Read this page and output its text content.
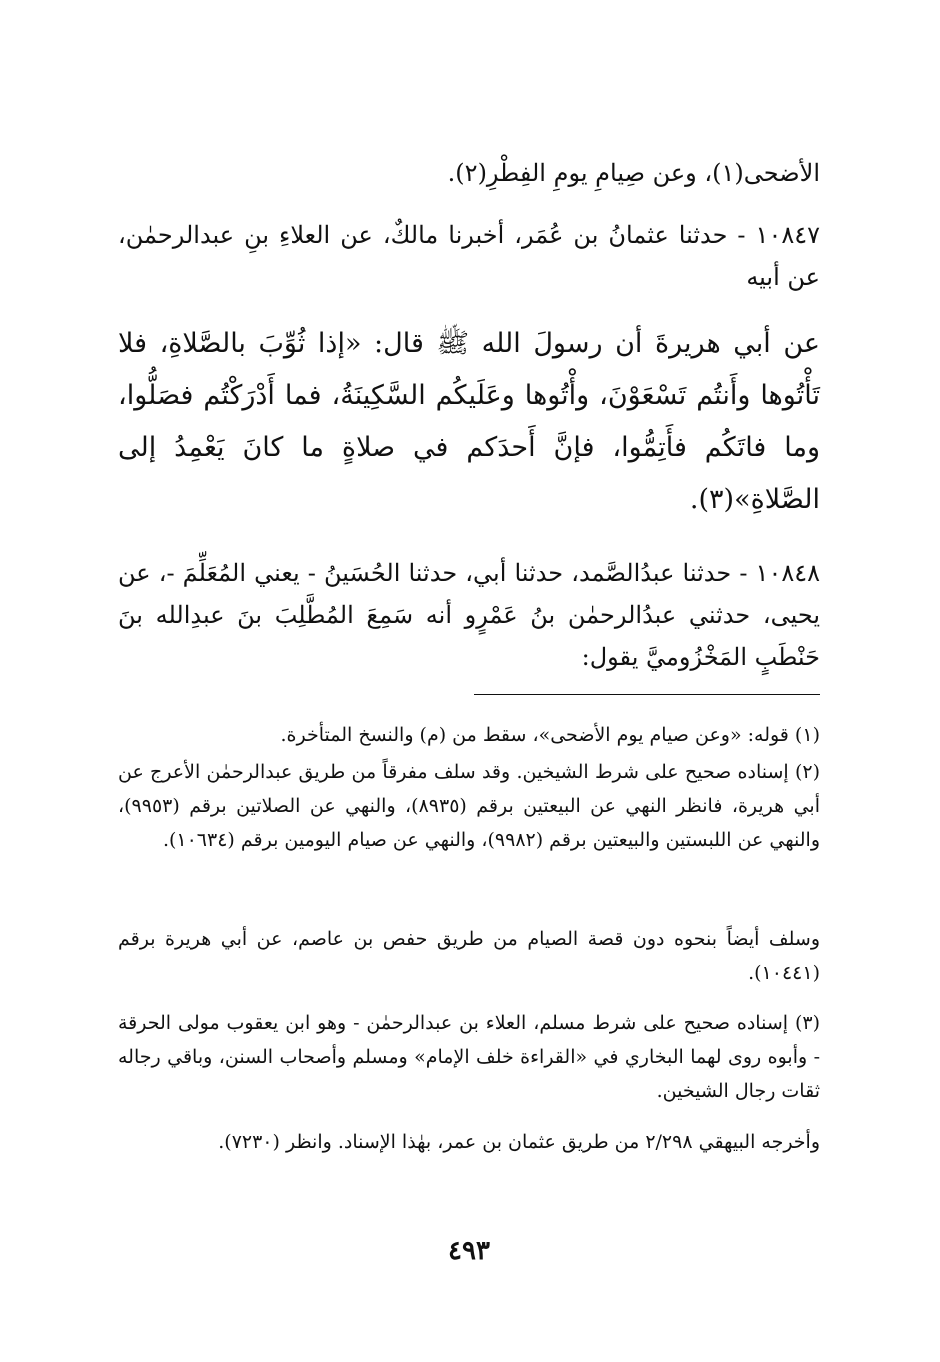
الأضحى(١)، وعن صِيامِ يومِ الفِطْرِ(٢).

١٠٨٤٧ - حدثنا عثمانُ بن عُمَر، أخبرنا مالكٌ، عن العلاءِ بنِ عبدالرحمٰن، عن أبيه

عن أبي هريرةَ أن رسولَ الله ﷺ قال: «إذا ثُوِّبَ بالصَّلاةِ، فلا تَأْتُوها وأَنتُم تَسْعَوْنَ، وأْتُوها وعَلَيكُم السَّكِينَةُ، فما أَدْرَكْتُم فصَلُّوا، وما فاتَكُم فأَتِمُّوا، فإنَّ أَحدَكم في صلاةٍ ما كانَ يَعْمِدُ إلى الصَّلاةِ»(٣).

١٠٨٤٨ - حدثنا عبدُالصَّمد، حدثنا أبي، حدثنا الحُسَينُ - يعني المُعَلِّمَ -، عن يحيى، حدثني عبدُالرحمٰن بنُ عَمْرٍو أنه سَمِعَ المُطَّلِبَ بنَ عبدِالله بنَ حَنْطَبٍ المَخْزُوميَّ يقول:

(١) قوله: «وعن صيام يوم الأضحى»، سقط من (م) والنسخ المتأخرة.

(٢) إسناده صحيح على شرط الشيخين. وقد سلف مفرقاً من طريق عبدالرحمٰن الأعرج عن أبي هريرة، فانظر النهي عن البيعتين برقم (٨٩٣٥)، والنهي عن الصلاتين برقم (٩٩٥٣)، والنهي عن اللبستين والبيعتين برقم (٩٩٨٢)، والنهي عن صيام اليومين برقم (١٠٦٣٤).

وسلف أيضاً بنحوه دون قصة الصيام من طريق حفص بن عاصم، عن أبي هريرة برقم (١٠٤٤١).

(٣) إسناده صحيح على شرط مسلم، العلاء بن عبدالرحمٰن - وهو ابن يعقوب مولى الحرقة - وأبوه روى لهما البخاري في «القراءة خلف الإمام» ومسلم وأصحاب السنن، وباقي رجاله ثقات رجال الشيخين.

وأخرجه البيهقي ٢/٢٩٨ من طريق عثمان بن عمر، بهٰذا الإسناد. وانظر (٧٢٣٠).

٤٩٣
